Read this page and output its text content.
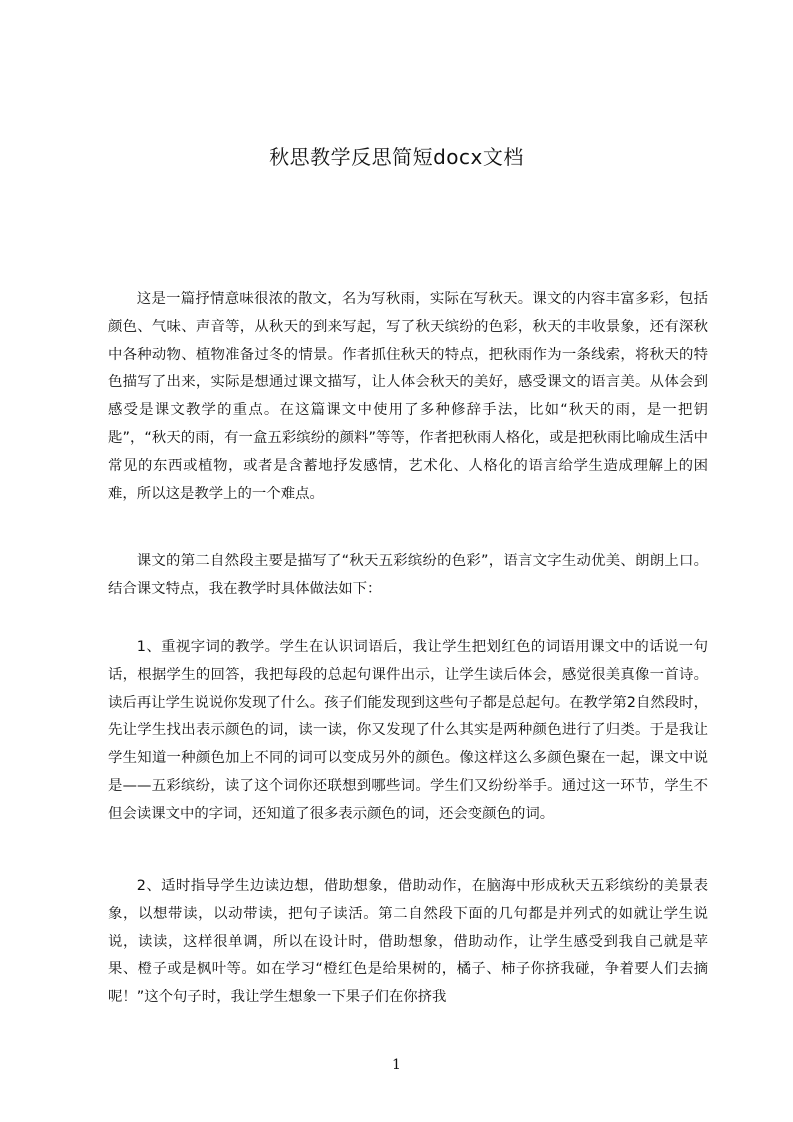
秋思教学反思简短docx文档

这是一篇抒情意味很浓的散文，名为写秋雨，实际在写秋天。课文的内容丰富多彩，包括颜色、气味、声音等，从秋天的到来写起，写了秋天缤纷的色彩，秋天的丰收景象，还有深秋中各种动物、植物准备过冬的情景。作者抓住秋天的特点，把秋雨作为一条线索，将秋天的特色描写了出来，实际是想通过课文描写，让人体会秋天的美好，感受课文的语言美。从体会到感受是课文教学的重点。在这篇课文中使用了多种修辞手法，比如“秋天的雨，是一把钥匙”，“秋天的雨，有一盒五彩缤纷的颜料”等等，作者把秋雨人格化，或是把秋雨比喻成生活中常见的东西或植物，或者是含蓄地抒发感情，艺术化、人格化的语言给学生造成理解上的困难，所以这是教学上的一个难点。

课文的第二自然段主要是描写了“秋天五彩缤纷的色彩”，语言文字生动优美、朗朗上口。结合课文特点，我在教学时具体做法如下：

1、重视字词的教学。学生在认识词语后，我让学生把划红色的词语用课文中的话说一句话，根据学生的回答，我把每段的总起句课件出示，让学生读后体会，感觉很美真像一首诗。读后再让学生说说你发现了什么。孩子们能发现到这些句子都是总起句。在教学第2自然段时，先让学生找出表示颜色的词，读一读，你又发现了什么其实是两种颜色进行了归类。于是我让学生知道一种颜色加上不同的词可以变成另外的颜色。像这样这么多颜色聚在一起，课文中说是——五彩缤纷，读了这个词你还联想到哪些词。学生们又纷纷举手。通过这一环节，学生不但会读课文中的字词，还知道了很多表示颜色的词，还会变颜色的词。

2、适时指导学生边读边想，借助想象，借助动作，在脑海中形成秋天五彩缤纷的美景表象，以想带读，以动带读，把句子读活。第二自然段下面的几句都是并列式的如就让学生说说，读读，这样很单调，所以在设计时，借助想象，借助动作，让学生感受到我自己就是苹果、橙子或是枫叶等。如在学习“橙红色是给果树的，橘子、柿子你挤我碰，争着要人们去摘呢！”这个句子时，我让学生想象一下果子们在你挤我

1
